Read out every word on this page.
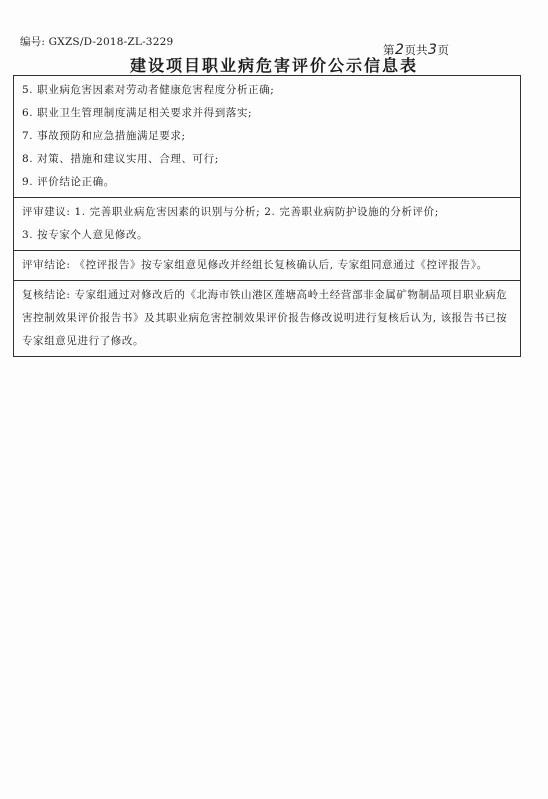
编号: GXZS/D-2018-ZL-3229
第2页共3页
建设项目职业病危害评价公示信息表
5. 职业病危害因素对劳动者健康危害程度分析正确;
6. 职业卫生管理制度满足相关要求并得到落实;
7. 事故预防和应急措施满足要求;
8. 对策、措施和建议实用、合理、可行;
9. 评价结论正确。
评审建议: 1. 完善职业病危害因素的识别与分析; 2. 完善职业病防护设施的分析评价;
3. 按专家个人意见修改。
评审结论: 《控评报告》按专家组意见修改并经组长复核确认后, 专家组同意通过《控评报告》。
复核结论: 专家组通过对修改后的《北海市铁山港区莲塘高岭土经营部非金属矿物制品项目职业病危害控制效果评价报告书》及其职业病危害控制效果评价报告修改说明进行复核后认为, 该报告书已按专家组意见进行了修改。
